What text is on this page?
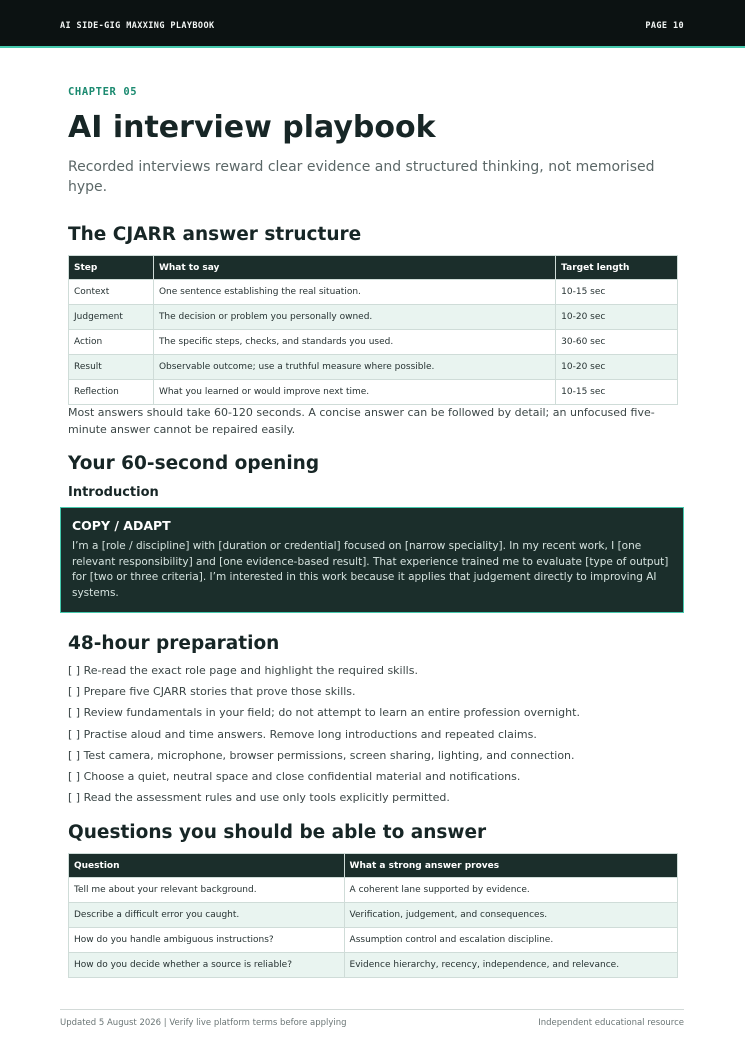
AI SIDE-GIG MAXXING PLAYBOOK	PAGE 10
CHAPTER 05
AI interview playbook
Recorded interviews reward clear evidence and structured thinking, not memorised hype.
The CJARR answer structure
Step	What to say	Target length
Context	One sentence establishing the real situation.	10-15 sec
Judgement	The decision or problem you personally owned.	10-20 sec
Action	The specific steps, checks, and standards you used.	30-60 sec
Result	Observable outcome; use a truthful measure where possible.	10-20 sec
Reflection	What you learned or would improve next time.	10-15 sec
Most answers should take 60-120 seconds. A concise answer can be followed by detail; an unfocused five-minute answer cannot be repaired easily.
Your 60-second opening
Introduction
48-hour preparation
[ ] Re-read the exact role page and highlight the required skills.
[ ] Prepare five CJARR stories that prove those skills.
[ ] Review fundamentals in your field; do not attempt to learn an entire profession overnight.
[ ] Practise aloud and time answers. Remove long introductions and repeated claims.
[ ] Test camera, microphone, browser permissions, screen sharing, lighting, and connection.
[ ] Choose a quiet, neutral space and close confidential material and notifications.
[ ] Read the assessment rules and use only tools explicitly permitted.
Questions you should be able to answer
Question	What a strong answer proves
Tell me about your relevant background.	A coherent lane supported by evidence.
Describe a difficult error you caught.	Verification, judgement, and consequences.
How do you handle ambiguous instructions?	Assumption control and escalation discipline.
How do you decide whether a source is reliable?	Evidence hierarchy, recency, independence, and relevance.
COPY / ADAPT
I’m a [role / discipline] with [duration or credential] focused on [narrow speciality]. In my recent work, I [one relevant responsibility] and [one evidence-based result]. That experience trained me to evaluate [type of output] for [two or three criteria]. I’m interested in this work because it applies that judgement directly to improving AI systems.
Updated 5 August 2026 | Verify live platform terms before applying	Independent educational resource
